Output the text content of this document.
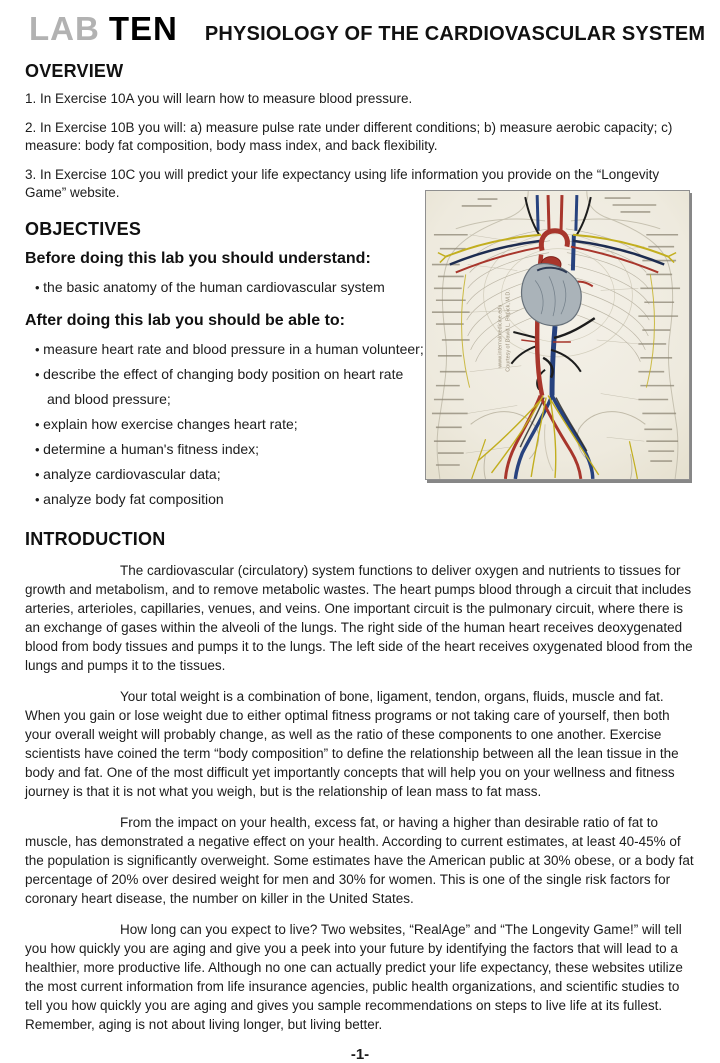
LAB TEN PHYSIOLOGY OF THE CARDIOVASCULAR SYSTEM
OVERVIEW

1. In Exercise 10A you will learn how to measure blood pressure.

2. In Exercise 10B you will: a) measure pulse rate under different conditions; b) measure aerobic capacity; c) measure: body fat composition, body mass index, and back flexibility.

3. In Exercise 10C you will predict your life expectancy using life information you provide on the “Longevity Game” website.

OBJECTIVES
Before doing this lab you should understand:
• the basic anatomy of the human cardiovascular system
After doing this lab you should be able to:
• measure heart rate and blood pressure in a human volunteer;
• describe the effect of changing body position on heart rate and blood pressure;
• explain how exercise changes heart rate;
• determine a human's fitness index;
• analyze cardiovascular data;
• analyze body fat composition
INTRODUCTION

The cardiovascular (circulatory) system functions to deliver oxygen and nutrients to tissues for growth and metabolism, and to remove metabolic wastes. The heart pumps blood through a circuit that includes arteries, arterioles, capillaries, venues, and veins. One important circuit is the pulmonary circuit, where there is an exchange of gases within the alveoli of the lungs. The right side of the human heart receives deoxygenated blood from body tissues and pumps it to the lungs. The left side of the heart receives oxygenated blood from the lungs and pumps it to the tissues.

Your total weight is a combination of bone, ligament, tendon, organs, fluids, muscle and fat. When you gain or lose weight due to either optimal fitness programs or not taking care of yourself, then both your overall weight will probably change, as well as the ratio of these components to one another. Exercise scientists have coined the term “body composition” to define the relationship between all the lean tissue in the body and fat. One of the most difficult yet importantly concepts that will help you on your wellness and fitness journey is that it is not what you weigh, but is the relationship of lean mass to fat mass.

From the impact on your health, excess fat, or having a higher than desirable ratio of fat to muscle, has demonstrated a negative effect on your health. According to current estimates, at least 40-45% of the population is significantly overweight. Some estimates have the American public at 30% obese, or a body fat percentage of 20% over desired weight for men and 30% for women. This is one of the single risk factors for coronary heart disease, the number on killer in the United States.

How long can you expect to live? Two websites, “RealAge” and “The Longevity Game!” will tell you how quickly you are aging and give you a peek into your future by identifying the factors that will lead to a healthier, more productive life. Although no one can actually predict your life expectancy, these websites utilize the most current information from life insurance agencies, public health organizations, and scientific studies to tell you how quickly you are aging and gives you sample recommendations on steps to live life at its fullest. Remember, aging is not about living longer, but living better.

-1-
www.internalmedicine.edu Courtesy of David L. Popick, M.D.
